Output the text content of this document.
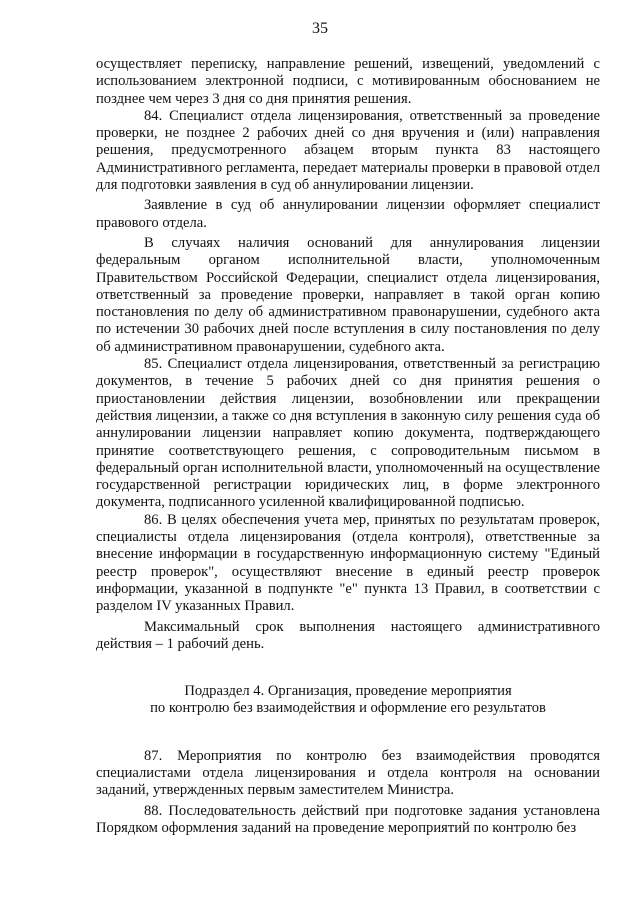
35

осуществляет переписку, направление решений, извещений, уведомлений с использованием электронной подписи, с мотивированным обоснованием не позднее чем через 3 дня со дня принятия решения.

84. Специалист отдела лицензирования, ответственный за проведение проверки, не позднее 2 рабочих дней со дня вручения и (или) направления решения, предусмотренного абзацем вторым пункта 83 настоящего Административного регламента, передает материалы проверки в правовой отдел для подготовки заявления в суд об аннулировании лицензии.

Заявление в суд об аннулировании лицензии оформляет специалист правового отдела.

В случаях наличия оснований для аннулирования лицензии федеральным органом исполнительной власти, уполномоченным Правительством Российской Федерации, специалист отдела лицензирования, ответственный за проведение проверки, направляет в такой орган копию постановления по делу об административном правонарушении, судебного акта по истечении 30 рабочих дней после вступления в силу постановления по делу об административном правонарушении, судебного акта.

85. Специалист отдела лицензирования, ответственный за регистрацию документов, в течение 5 рабочих дней со дня принятия решения о приостановлении действия лицензии, возобновлении или прекращении действия лицензии, а также со дня вступления в законную силу решения суда об аннулировании лицензии направляет копию документа, подтверждающего принятие соответствующего решения, с сопроводительным письмом в федеральный орган исполнительной власти, уполномоченный на осуществление государственной регистрации юридических лиц, в форме электронного документа, подписанного усиленной квалифицированной подписью.

86. В целях обеспечения учета мер, принятых по результатам проверок, специалисты отдела лицензирования (отдела контроля), ответственные за внесение информации в государственную информационную систему "Единый реестр проверок", осуществляют внесение в единый реестр проверок информации, указанной в подпункте "е" пункта 13 Правил, в соответствии с разделом IV указанных Правил.

Максимальный срок выполнения настоящего административного действия – 1 рабочий день.

Подраздел 4. Организация, проведение мероприятия
по контролю без взаимодействия и оформление его результатов

87. Мероприятия по контролю без взаимодействия проводятся специалистами отдела лицензирования и отдела контроля на основании заданий, утвержденных первым заместителем Министра.

88. Последовательность действий при подготовке задания установлена Порядком оформления заданий на проведение мероприятий по контролю без
